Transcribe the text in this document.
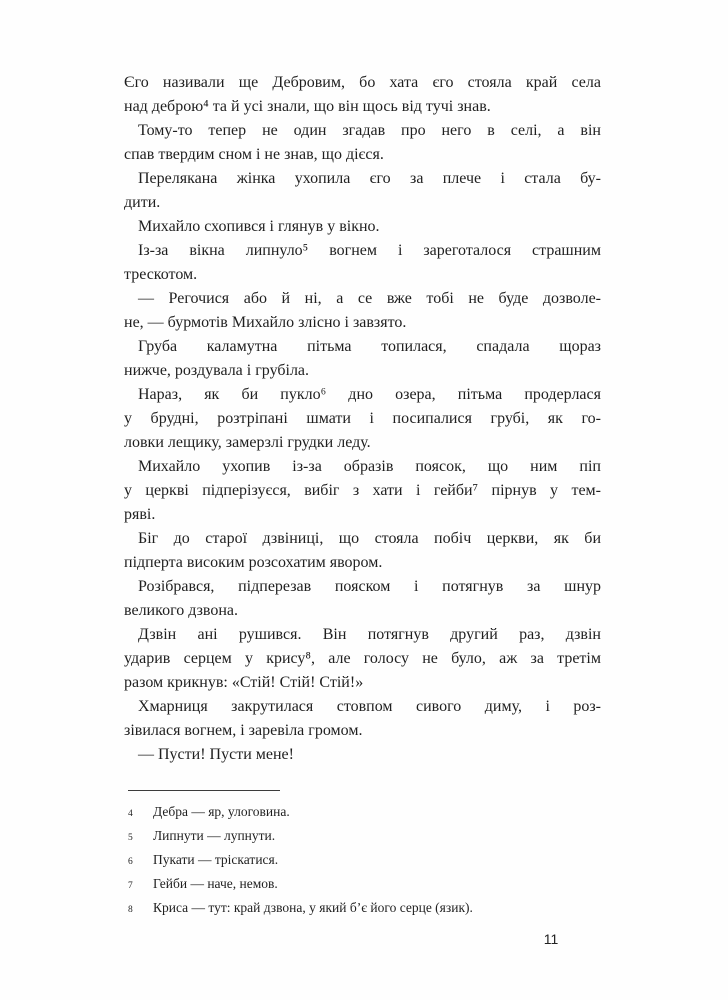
Єго називали ще Дебровим, бо хата єго стояла край села
над деброю⁴ та й усі знали, що він щось від тучі знав.
Тому-то тепер не один згадав про него в селі, а він
спав твердим сном і не знав, що дієся.
Перелякана жінка ухопила єго за плече і стала бу-
дити.
Михайло схопився і глянув у вікно.
Із-за вікна липнуло⁵ вогнем і зареготалося страшним
трескотом.
— Регочися або й ні, а се вже тобі не буде дозволе-
не, — бурмотів Михайло злісно і завзято.
Груба каламутна пітьма топилася, спадала щораз
нижче, роздувала і грубіла.
Нараз, як би пукло⁶ дно озера, пітьма продерлася
у брудні, розтріпані шмати і посипалися грубі, як го-
ловки лещику, замерзлі грудки леду.
Михайло ухопив із-за образів поясок, що ним піп
у церкві підперізуєся, вибіг з хати і гейби⁷ пірнув у тем-
ряві.
Біг до старої дзвіниці, що стояла побіч церкви, як би
підперта високим розсохатим явором.
Розібрався, підперезав пояском і потягнув за шнур
великого дзвона.
Дзвін ані рушився. Він потягнув другий раз, дзвін
ударив серцем у крису⁸, але голосу не було, аж за третім
разом крикнув: «Стій! Стій! Стій!»
Хмарниця закрутилася стовпом сивого диму, і роз-
зівилася вогнем, і заревіла громом.
— Пусти! Пусти мене!
4	Дебра — яр, улоговина.
5	Липнути — лупнути.
6	Пукати — тріскатися.
7	Гейби — наче, немов.
8	Криса — тут: край дзвона, у який б’є його серце (язик).
11
